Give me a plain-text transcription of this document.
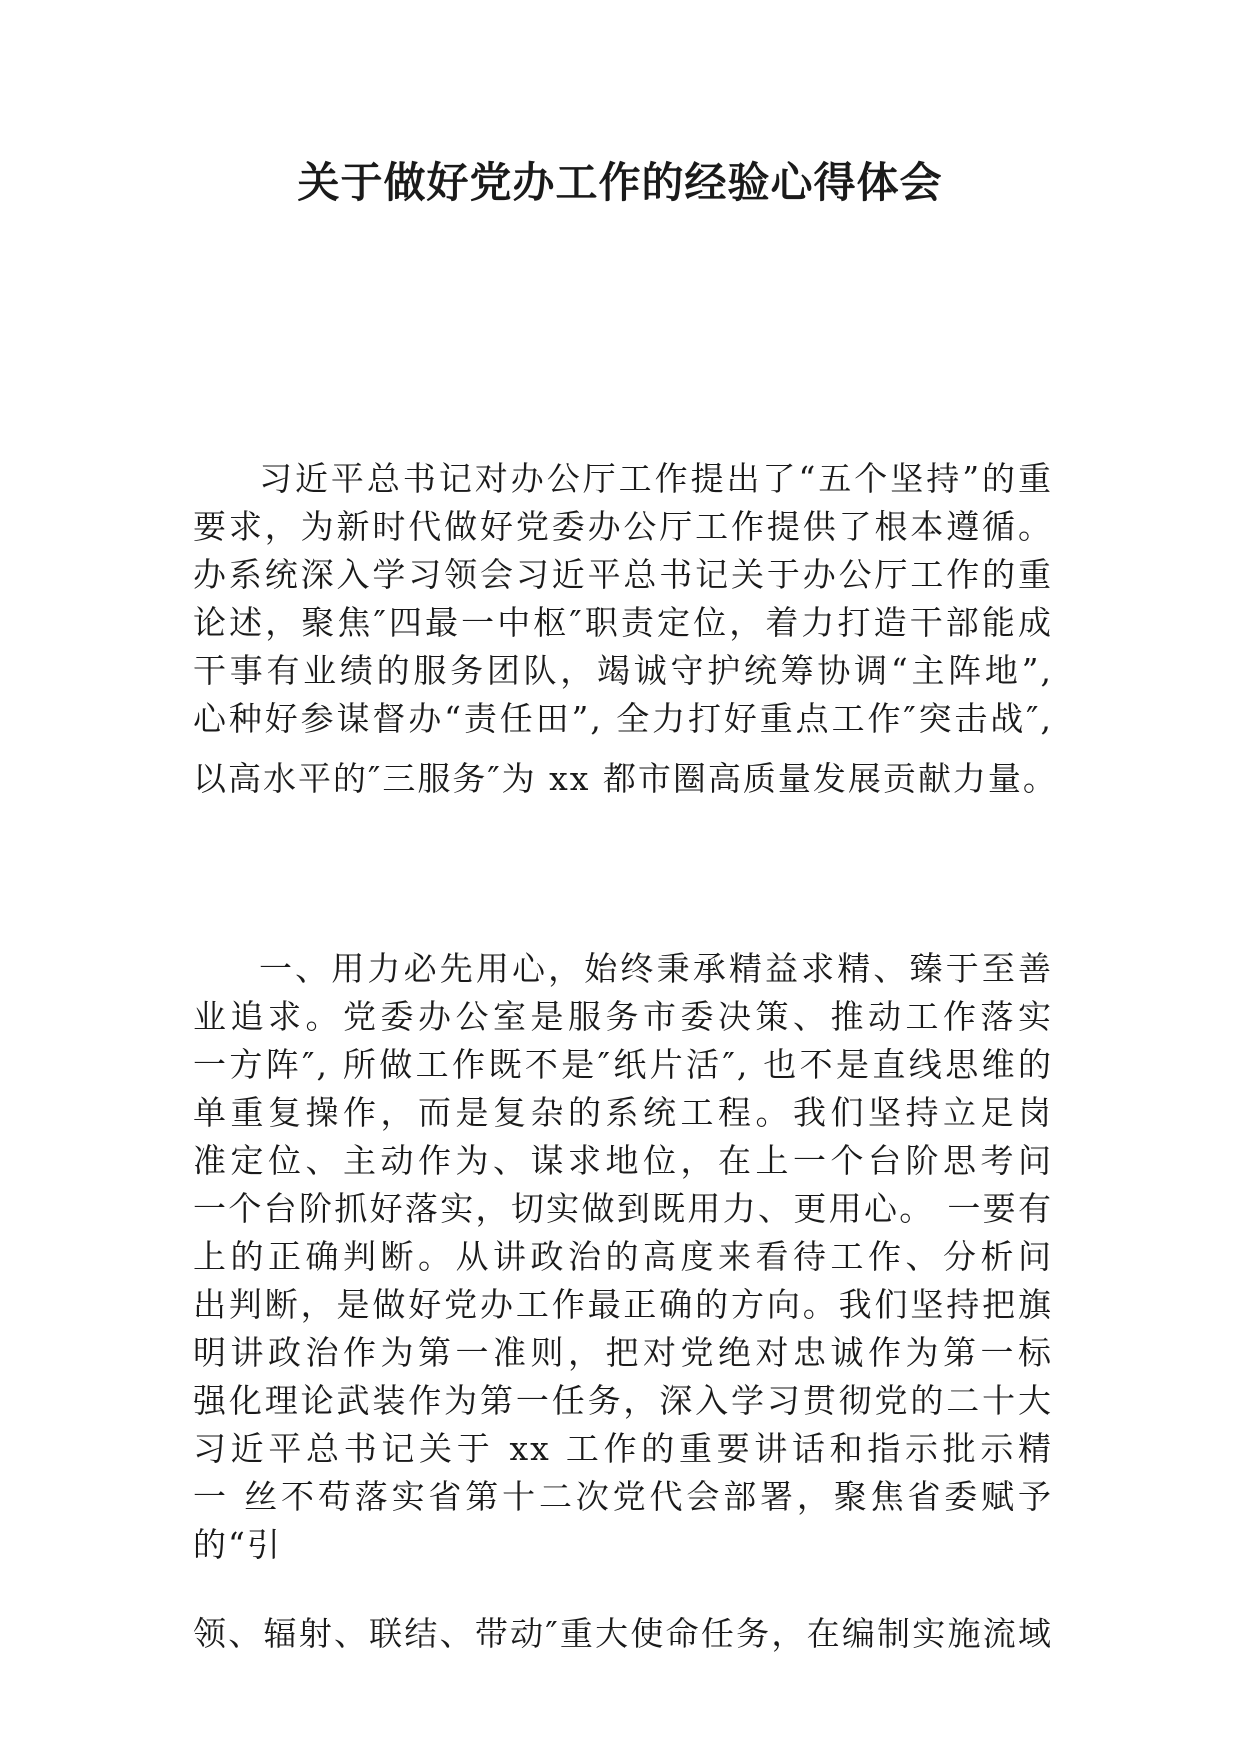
关于做好党办工作的经验心得体会
习近平总书记对办公厅工作提出了“五个坚持”的重
要求，为新时代做好党委办公厅工作提供了根本遵循。
办系统深入学习领会习近平总书记关于办公厅工作的重
论述，聚焦″四最一中枢″职责定位，着力打造干部能成
干事有业绩的服务团队，竭诚守护统筹协调“主阵地”,
心种好参谋督办“责任田”, 全力打好重点工作″突击战″,
以高水平的″三服务″为 xx 都市圈高质量发展贡献力量。
一、用力必先用心，始终秉承精益求精、臻于至善
业追求。党委办公室是服务市委决策、推动工作落实
一方阵″, 所做工作既不是″纸片活″, 也不是直线思维的
单重复操作，而是复杂的系统工程。我们坚持立足岗
准定位、主动作为、谋求地位，在上一个台阶思考问
一个台阶抓好落实，切实做到既用力、更用心。 一要有
上的正确判断。从讲政治的高度来看待工作、分析问
出判断，是做好党办工作最正确的方向。我们坚持把旗
明讲政治作为第一准则，把对党绝对忠诚作为第一标
强化理论武装作为第一任务，深入学习贯彻党的二十大
习近平总书记关于 xx 工作的重要讲话和指示批示精
一 丝不苟落实省第十二次党代会部署，聚焦省委赋予
的“引
领、辐射、联结、带动″重大使命任务，在编制实施流域
